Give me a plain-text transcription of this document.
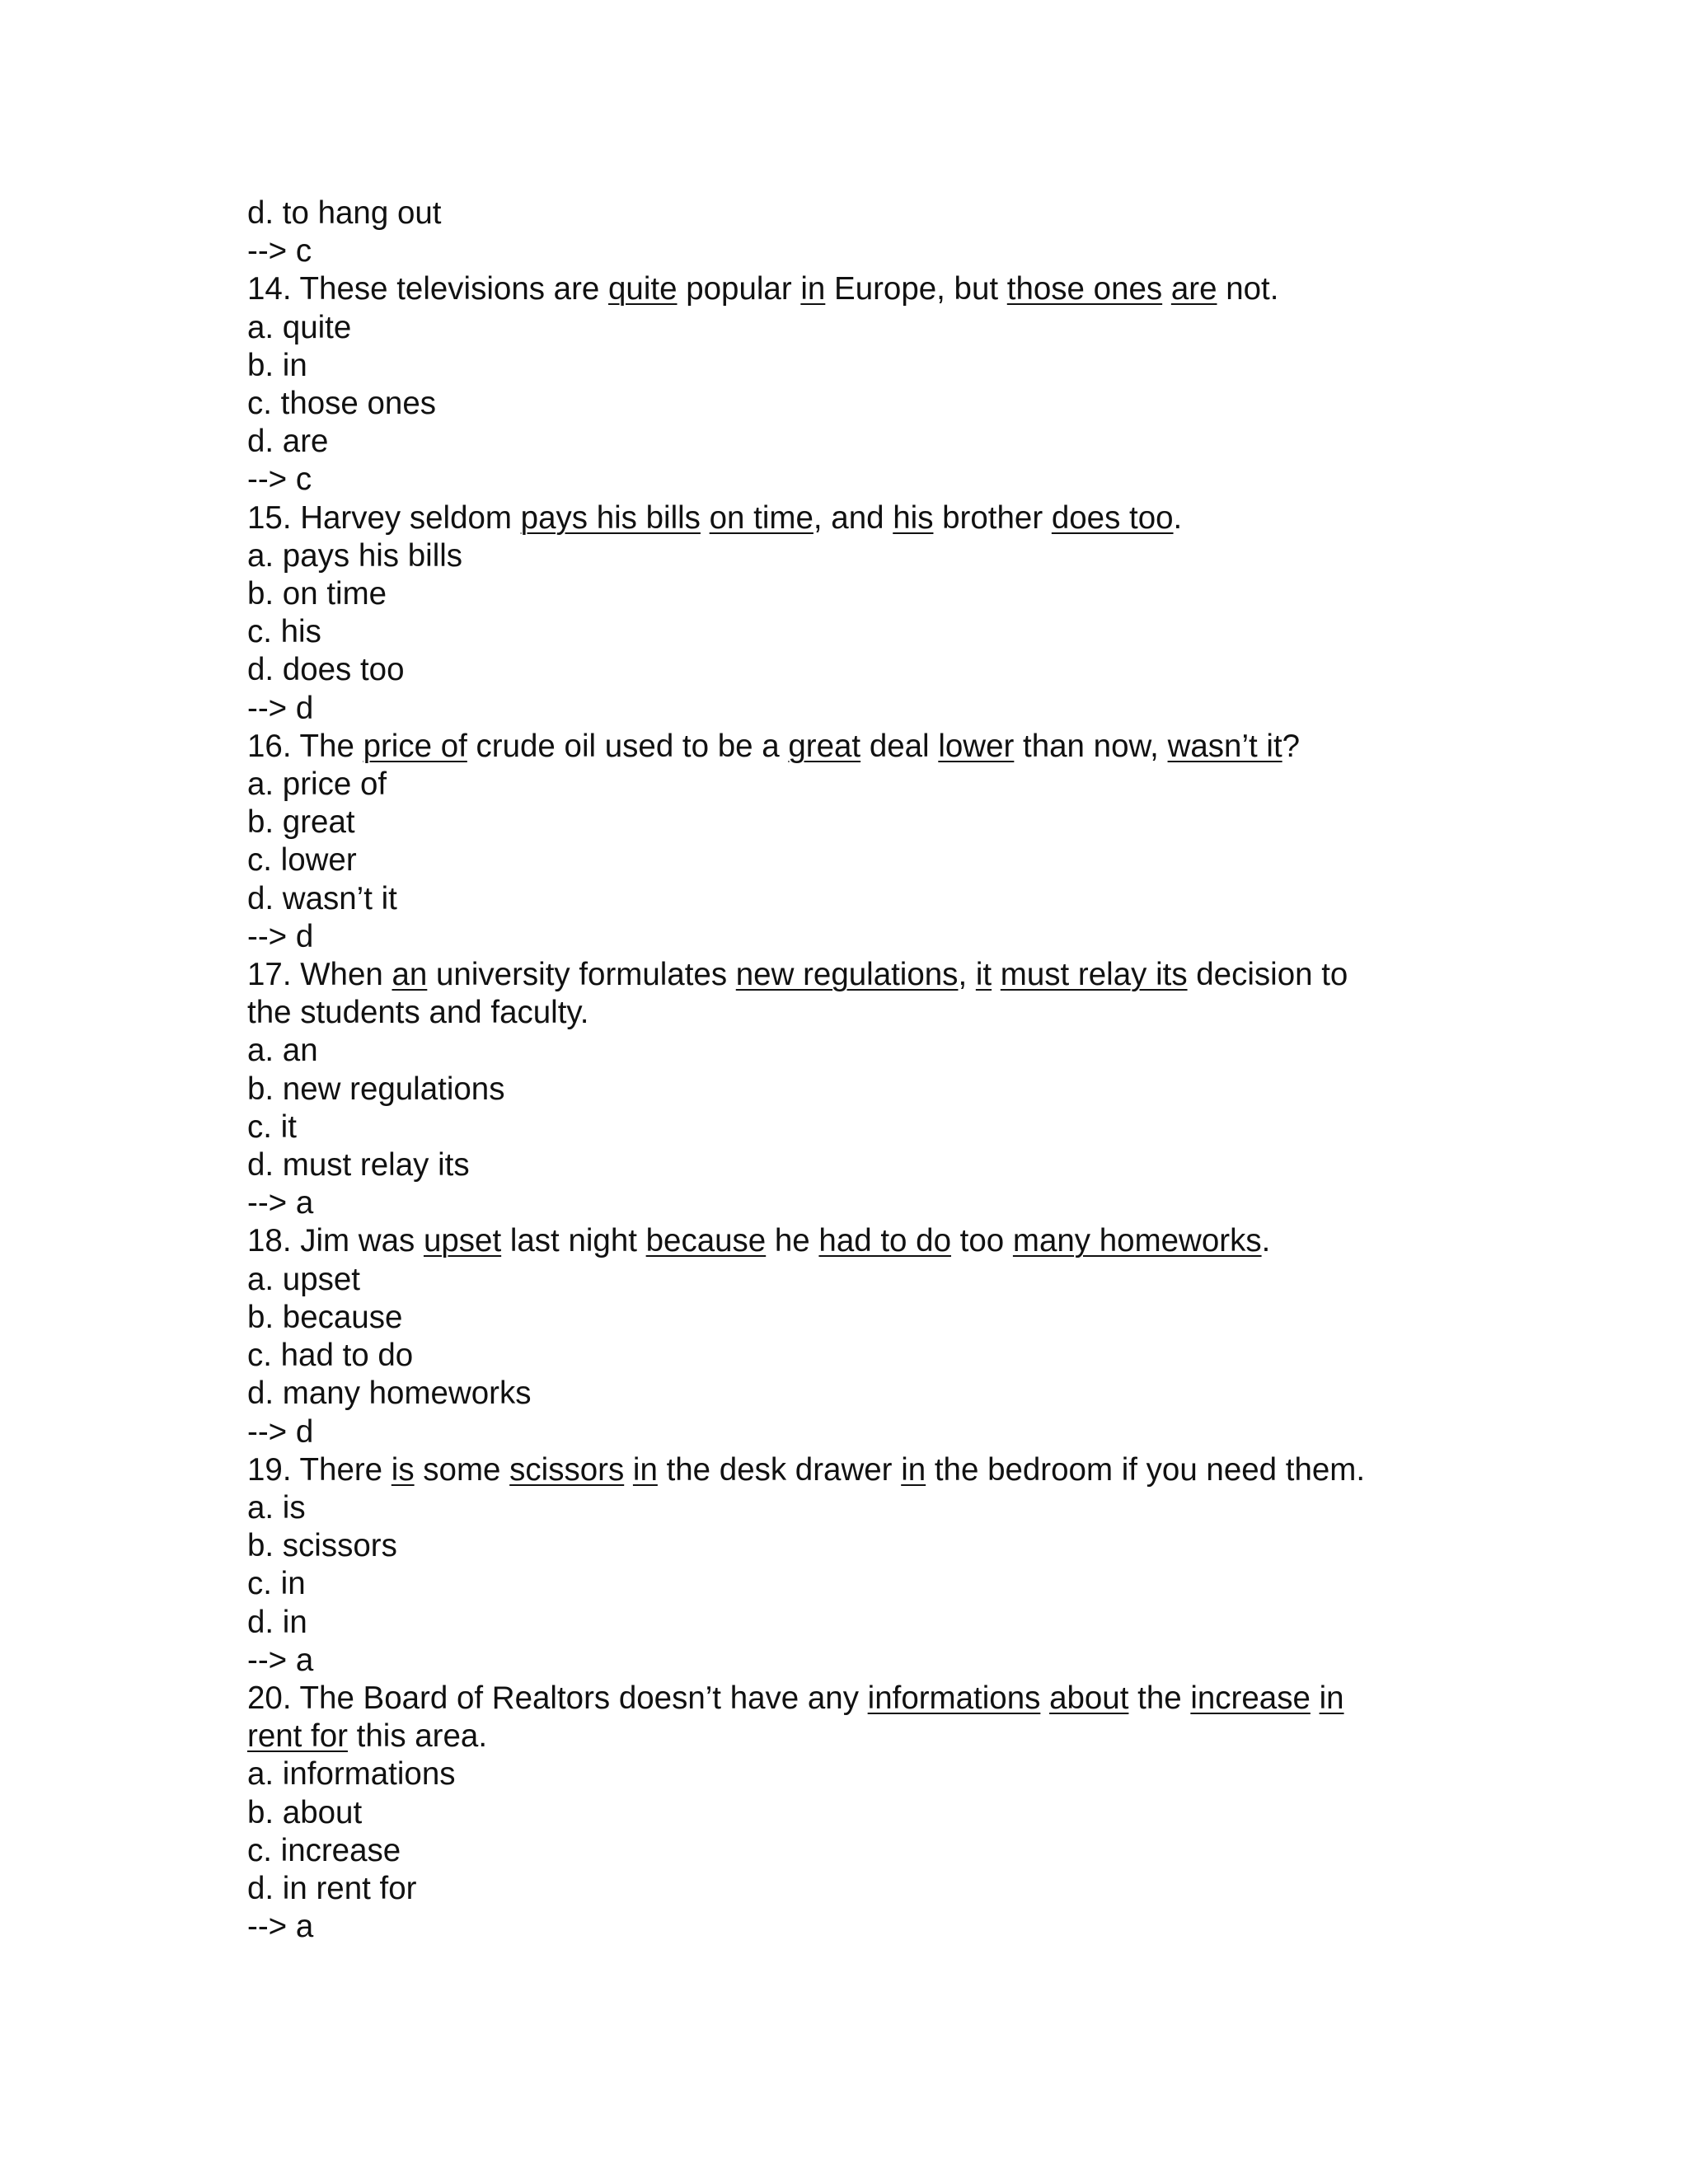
d. to hang out
--> c
14. These televisions are quite popular in Europe, but those ones are not.
a. quite
b. in
c. those ones
d. are
--> c
15. Harvey seldom pays his bills on time, and his brother does too.
a. pays his bills
b. on time
c. his
d. does too
--> d
16. The price of crude oil used to be a great deal lower than now, wasn’t it?
a. price of
b. great
c. lower
d. wasn’t it
--> d
17. When an university formulates new regulations, it must relay its decision to
the students and faculty.
a. an
b. new regulations
c. it
d. must relay its
--> a
18. Jim was upset last night because he had to do too many homeworks.
a. upset
b. because
c. had to do
d. many homeworks
--> d
19. There is some scissors in the desk drawer in the bedroom if you need them.
a. is
b. scissors
c. in
d. in
--> a
20. The Board of Realtors doesn’t have any informations about the increase in
rent for this area.
a. informations
b. about
c. increase
d. in rent for
--> a
